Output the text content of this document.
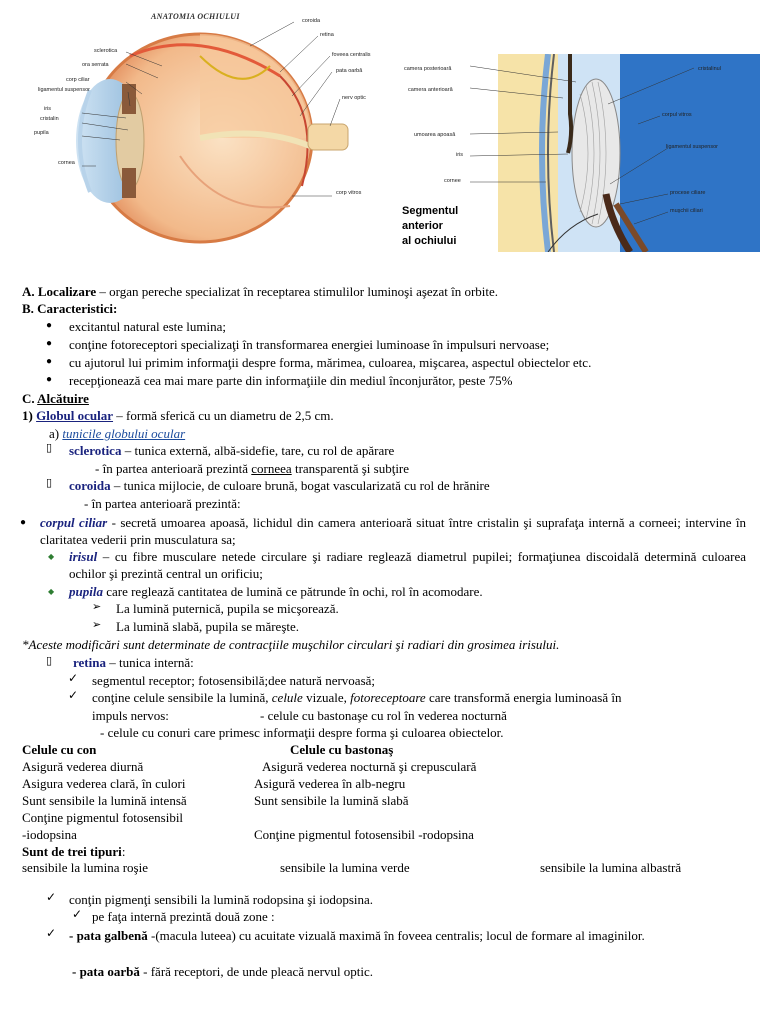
ANATOMIA OCHIULUI
sclerotica
ora serrata
corp ciliar
ligamentul suspensor
iris
cristalin
pupila
cornea
coroida
retina
foveea centralis
pata oarbă
nerv optic
corp vitros
camera posterioară
camera anterioară
umoarea apoasă
iris
cornee
cristalinul
corpul vitros
ligamentul suspensor
procese ciliare
muşchii ciliari
Segmentul
anterior
al ochiului
A. Localizare – organ pereche specializat în receptarea stimulilor luminoşi aşezat în orbite.
B. Caracteristici:
● excitantul natural este lumina;
● conţine fotoreceptori specializaţi în transformarea energiei luminoase în impulsuri nervoase;
● cu ajutorul lui primim informaţii despre forma, mărimea, culoarea, mişcarea, aspectul obiectelor etc.
● recepţionează cea mai mare parte din informaţiile din mediul înconjurător, peste 75%
C. Alcătuire
1) Globul ocular – formă sferică cu un diametru de 2,5 cm.
a) tunicile globului ocular
▯ sclerotica – tunica externă, albă-sidefie, tare, cu rol de apărare
- în partea anterioară prezintă corneea transparentă şi subţire
▯ coroida – tunica mijlocie, de culoare brună, bogat vascularizată cu rol de hrănire
- în partea anterioară prezintă:
● corpul ciliar - secretă umoarea apoasă, lichidul din camera anterioară situat între cristalin şi suprafaţa internă a corneei; intervine în claritatea vederii prin musculatura sa;
◆ irisul – cu fibre musculare netede circulare şi radiare reglează diametrul pupilei; formaţiunea discoidală determină culoarea ochilor şi prezintă central un orificiu;
◆ pupila care reglează cantitatea de lumină ce pătrunde în ochi, rol în acomodare.
➢ La lumină puternică, pupila se micşorează.
➢ La lumină slabă, pupila se măreşte.
*Aceste modificări sunt determinate de contracţiile muşchilor circulari şi radiari din grosimea irisului.
▯ retina – tunica internă:
✓ segmentul receptor; fotosensibilă;dee natură nervoasă;
✓ conţine celule sensibile la lumină, celule vizuale, fotoreceptoare care transformă energia luminoasă în
impuls nervos:	- celule cu bastonaşe cu rol în vederea nocturnă
- celule cu conuri care primesc informaţii despre forma şi culoarea obiectelor.
Celule cu con	Celule cu bastonaş
Asigură vederea diurnă	Asigură vederea nocturnă şi crepusculară
Asigura vederea clară, în culori	Asigură vederea în alb-negru
Sunt sensibile la lumină intensă	Sunt sensibile la lumină slabă
Conţine pigmentul fotosensibil
-iodopsina	Conţine pigmentul fotosensibil -rodopsina
Sunt de trei tipuri:
sensibile la lumina roşie	sensibile la lumina verde	sensibile la lumina albastră
✓ conţin pigmenţi sensibili la lumină rodopsina şi iodopsina.
✓ pe faţa internă prezintă două zone :
✓ - pata galbenă -(macula luteea) cu acuitate vizuală maximă în foveea centralis; locul de formare al imaginilor.
- pata oarbă - fără receptori, de unde pleacă nervul optic.
